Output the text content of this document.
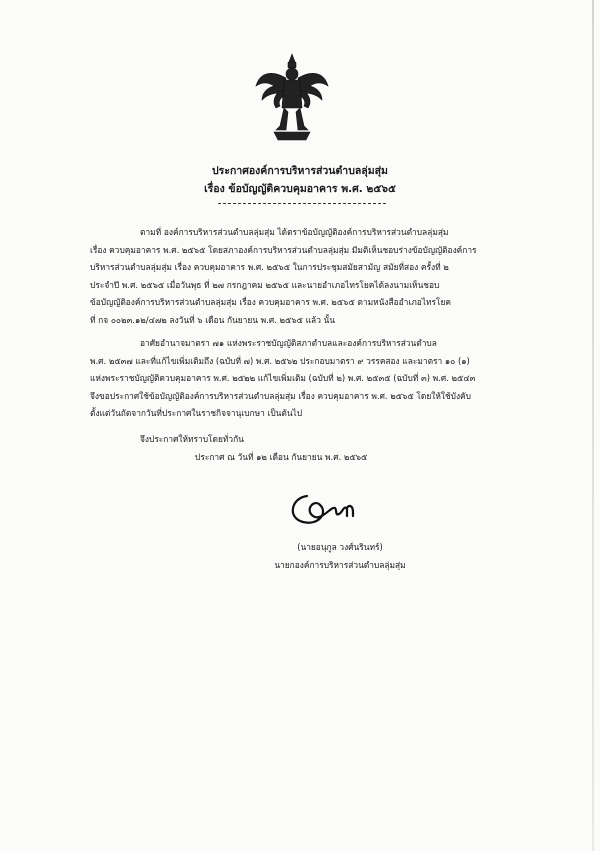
ประกาศองค์การบริหารส่วนตำบลลุ่มสุ่ม
เรื่อง ข้อบัญญัติควบคุมอาคาร พ.ศ. ๒๕๖๕
ตามที่ องค์การบริหารส่วนตำบลลุ่มสุ่ม ได้ตราข้อบัญญัติองค์การบริหารส่วนตำบลลุ่มสุ่ม
เรื่อง ควบคุมอาคาร พ.ศ. ๒๕๖๕ โดยสภาองค์การบริหารส่วนตำบลลุ่มสุ่ม มีมติเห็นชอบร่างข้อบัญญัติองค์การ
บริหารส่วนตำบลลุ่มสุ่ม เรื่อง ควบคุมอาคาร พ.ศ. ๒๕๖๕ ในการประชุมสมัยสามัญ สมัยที่สอง ครั้งที่ ๒
ประจำปี พ.ศ. ๒๕๖๕ เมื่อวันพุธ ที่ ๒๗ กรกฎาคม ๒๕๖๕ และนายอำเภอไทรโยคได้ลงนามเห็นชอบ
ข้อบัญญัติองค์การบริหารส่วนตำบลลุ่มสุ่ม เรื่อง ควบคุมอาคาร พ.ศ. ๒๕๖๕ ตามหนังสืออำเภอไทรโยค
ที่ กจ ๐๐๒๓.๑๒/๔๗๒ ลงวันที่ ๖ เดือน กันยายน พ.ศ. ๒๕๖๕ แล้ว นั้น
อาศัยอำนาจมาตรา ๗๑ แห่งพระราชบัญญัติสภาตำบลและองค์การบริหารส่วนตำบล
พ.ศ. ๒๕๓๗ และที่แก้ไขเพิ่มเติมถึง (ฉบับที่ ๗) พ.ศ. ๒๕๖๒ ประกอบมาตรา ๙ วรรคสอง และมาตรา ๑๐ (๑)
แห่งพระราชบัญญัติควบคุมอาคาร พ.ศ. ๒๕๒๒ แก้ไขเพิ่มเติม (ฉบับที่ ๒) พ.ศ. ๒๕๓๕ (ฉบับที่ ๓) พ.ศ. ๒๕๔๓
จึงขอประกาศใช้ข้อบัญญัติองค์การบริหารส่วนตำบลลุ่มสุ่ม เรื่อง ควบคุมอาคาร พ.ศ. ๒๕๖๕ โดยให้ใช้บังคับ
ตั้งแต่วันถัดจากวันที่ประกาศในราชกิจจานุเบกษา เป็นต้นไป
จึงประกาศให้ทราบโดยทั่วกัน
ประกาศ ณ วันที่ ๑๒ เดือน กันยายน พ.ศ. ๒๕๖๕
(นายอนุกูล วงศ์นรินทร์)
นายกองค์การบริหารส่วนตำบลลุ่มสุ่ม
